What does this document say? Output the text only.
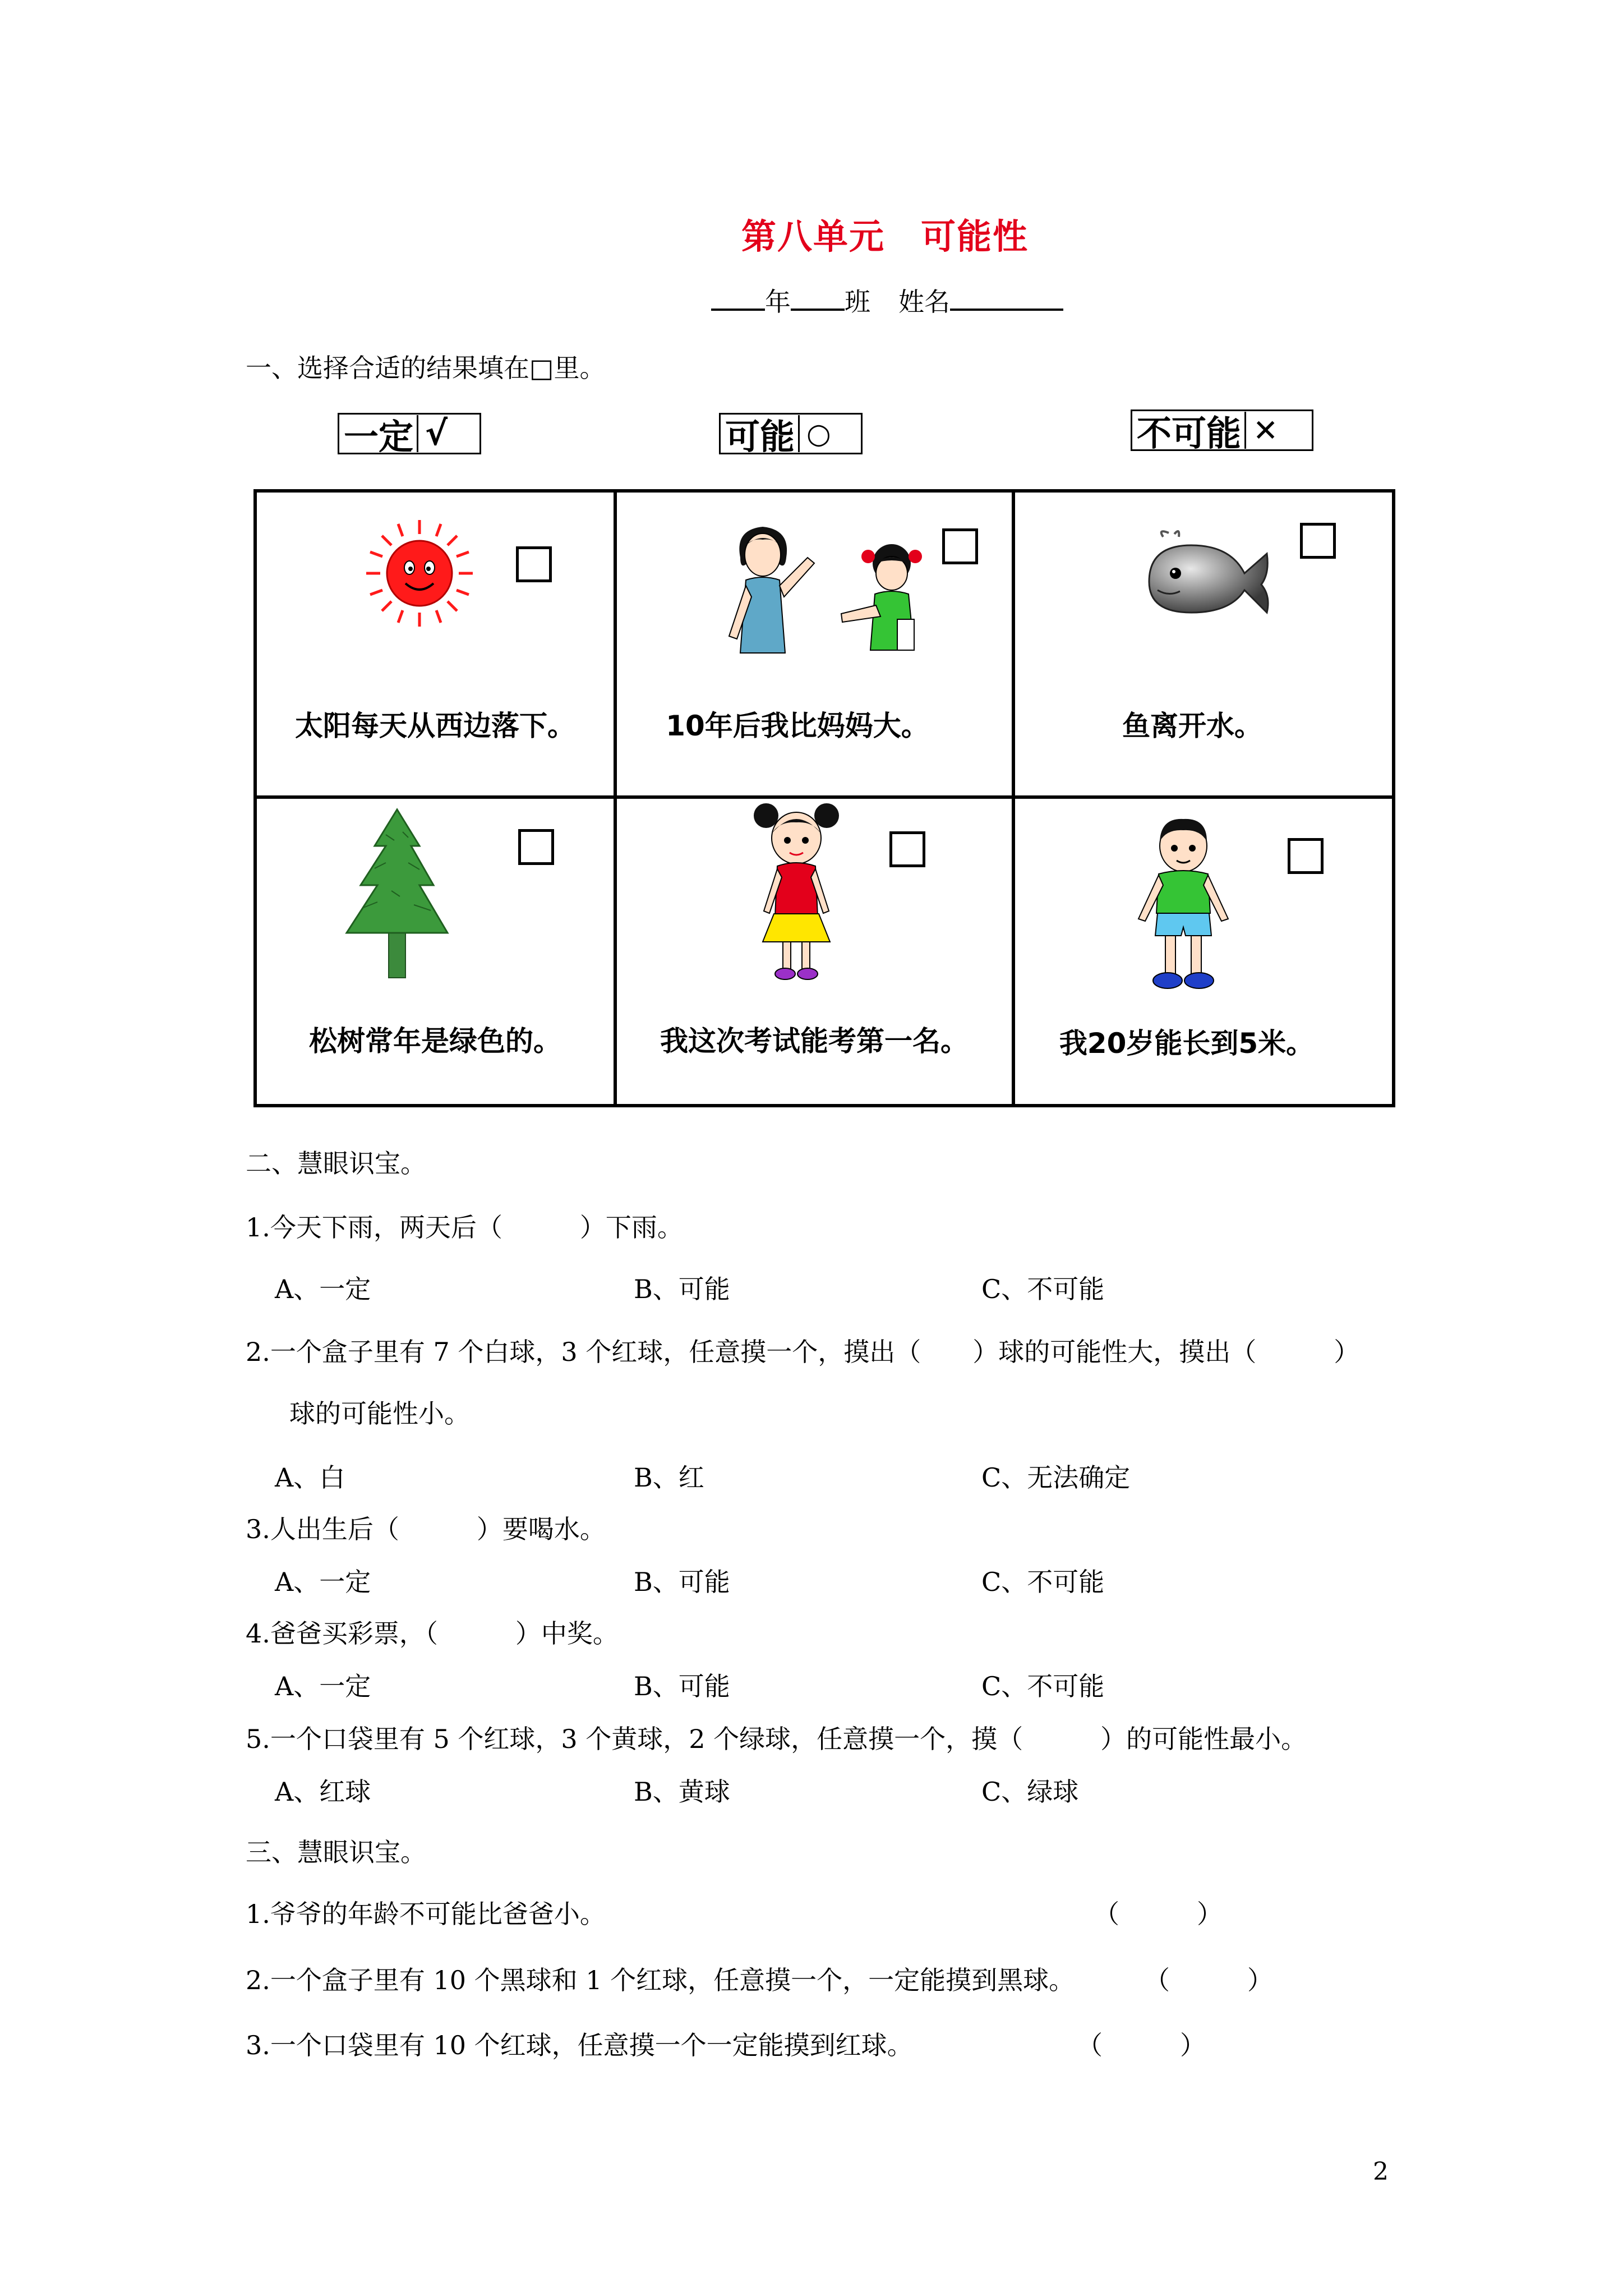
第八单元　可能性
年 班 姓名
一、选择合适的结果填在□里。
一定 √	可能 ○	不可能 ✕
太阳每天从西边落下。	10年后我比妈妈大。	鱼离开水。

松树常年是绿色的。	我这次考试能考第一名。	我20岁能长到5米。
二、慧眼识宝。
1.今天下雨，两天后（　　　）下雨。
A、一定	B、可能	C、不可能
2.一个盒子里有 7 个白球，3 个红球，任意摸一个，摸出（　　）球的可能性大，摸出（　　　）
球的可能性小。
A、白	B、红	C、无法确定
3.人出生后（　　　）要喝水。
A、一定	B、可能	C、不可能
4.爸爸买彩票，（　　　）中奖。
A、一定	B、可能	C、不可能
5.一个口袋里有 5 个红球，3 个黄球，2 个绿球，任意摸一个，摸（　　　）的可能性最小。
A、红球	B、黄球	C、绿球
三、慧眼识宝。
1.爷爷的年龄不可能比爸爸小。	（　　　）
2.一个盒子里有 10 个黑球和 1 个红球，任意摸一个，一定能摸到黑球。	（　　　）
3.一个口袋里有 10 个红球，任意摸一个一定能摸到红球。	（　　　）
2
